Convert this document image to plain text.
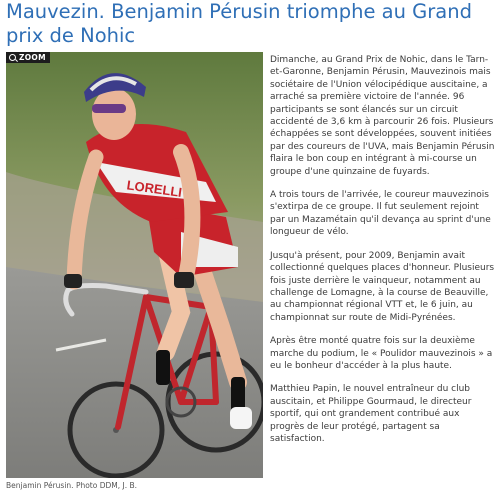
Mauvezin. Benjamin Pérusin triomphe au Grand prix de Nohic
ZOOM
LORELLI
Benjamin Pérusin. Photo DDM, J. B.

Dimanche, au Grand Prix de Nohic, dans le Tarn-et-Garonne, Benjamin Pérusin, Mauvezinois mais sociétaire de l'Union vélocipédique auscitaine, a arraché sa première victoire de l'année. 96 participants se sont élancés sur un circuit accidenté de 3,6 km à parcourir 26 fois. Plusieurs échappées se sont développées, souvent initiées par des coureurs de l'UVA, mais Benjamin Pérusin flaira le bon coup en intégrant à mi-course un groupe d'une quinzaine de fuyards.

A trois tours de l'arrivée, le coureur mauvezinois s'extirpa de ce groupe. Il fut seulement rejoint par un Mazamétain qu'il devança au sprint d'une longueur de vélo.

Jusqu'à présent, pour 2009, Benjamin avait collectionné quelques places d'honneur. Plusieurs fois juste derrière le vainqueur, notamment au challenge de Lomagne, à la course de Beauville, au championnat régional VTT et, le 6 juin, au championnat sur route de Midi-Pyrénées.

Après être monté quatre fois sur la deuxième marche du podium, le « Poulidor mauvezinois » a eu le bonheur d'accéder à la plus haute.

Matthieu Papin, le nouvel entraîneur du club auscitain, et Philippe Gourmaud, le directeur sportif, qui ont grandement contribué aux progrès de leur protégé, partagent sa satisfaction.
